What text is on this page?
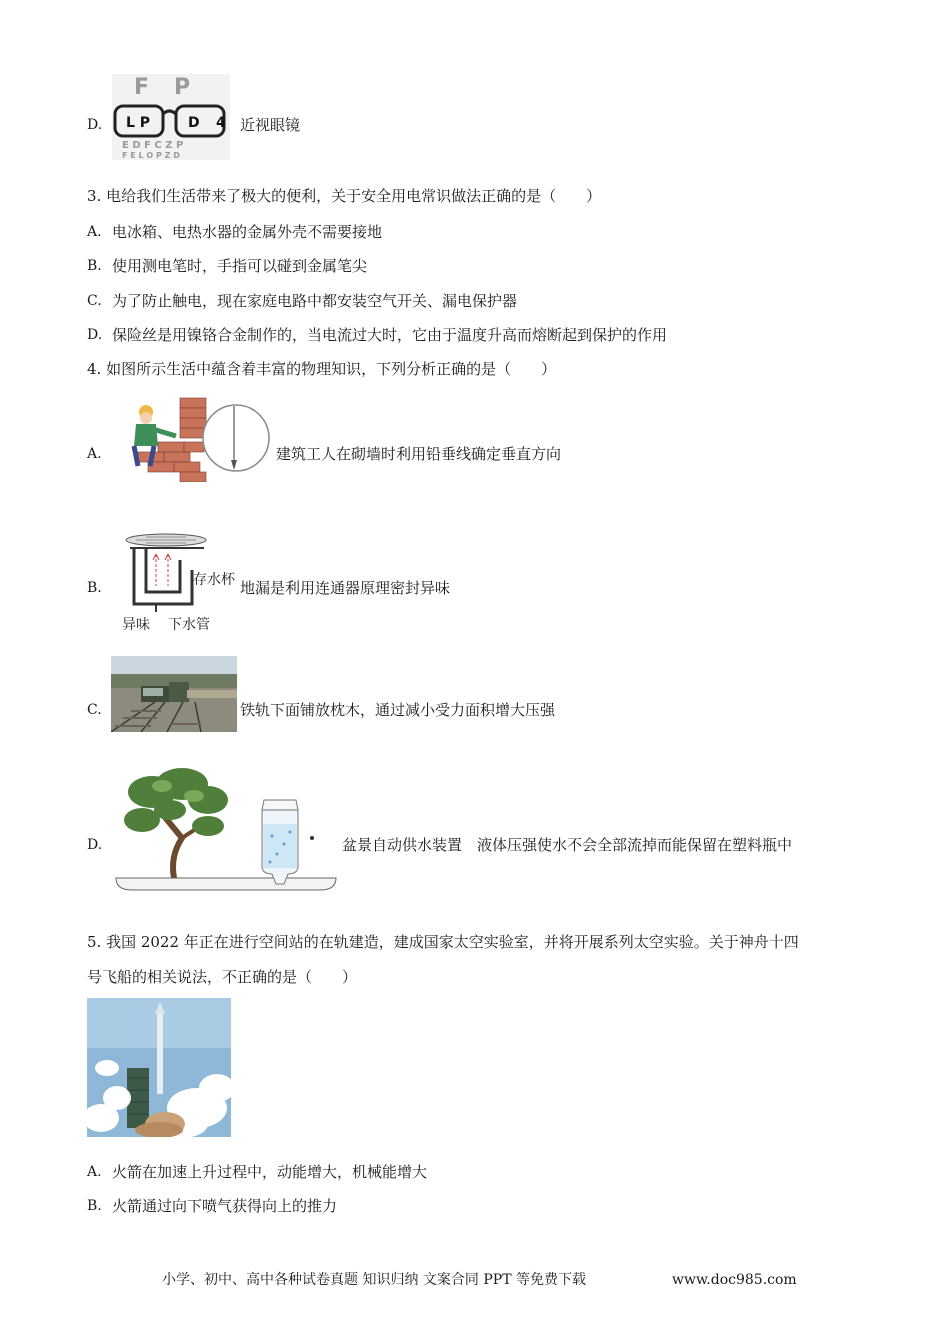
D.
F P
E D F C Z P
F E L O P Z D
L P	D 4 近视眼镜
3. 电给我们生活带来了极大的便利，关于安全用电常识做法正确的是（　　）
A. 电冰箱、电热水器的金属外壳不需要接地
B. 使用测电笔时，手指可以碰到金属笔尖
C. 为了防止触电，现在家庭电路中都安装空气开关、漏电保护器
D. 保险丝是用镍铬合金制作的，当电流过大时，它由于温度升高而熔断起到保护的作用
4. 如图所示生活中蕴含着丰富的物理知识，下列分析正确的是（　　）
A.	建筑工人在砌墙时利用铅垂线确定垂直方向
B.	存水杯 地漏是利用连通器原理密封异味
异味 下水管
C.	铁轨下面铺放枕木，通过减小受力面积增大压强
D.	盆景自动供水装置　液体压强使水不会全部流掉而能保留在塑料瓶中
5. 我国 2022 年正在进行空间站的在轨建造，建成国家太空实验室，并将开展系列太空实验。关于神舟十四
号飞船的相关说法，不正确的是（　　）
A. 火箭在加速上升过程中，动能增大，机械能增大
B. 火箭通过向下喷气获得向上的推力
小学、初中、高中各种试卷真题 知识归纳 文案合同 PPT 等免费下载	www.doc985.com
